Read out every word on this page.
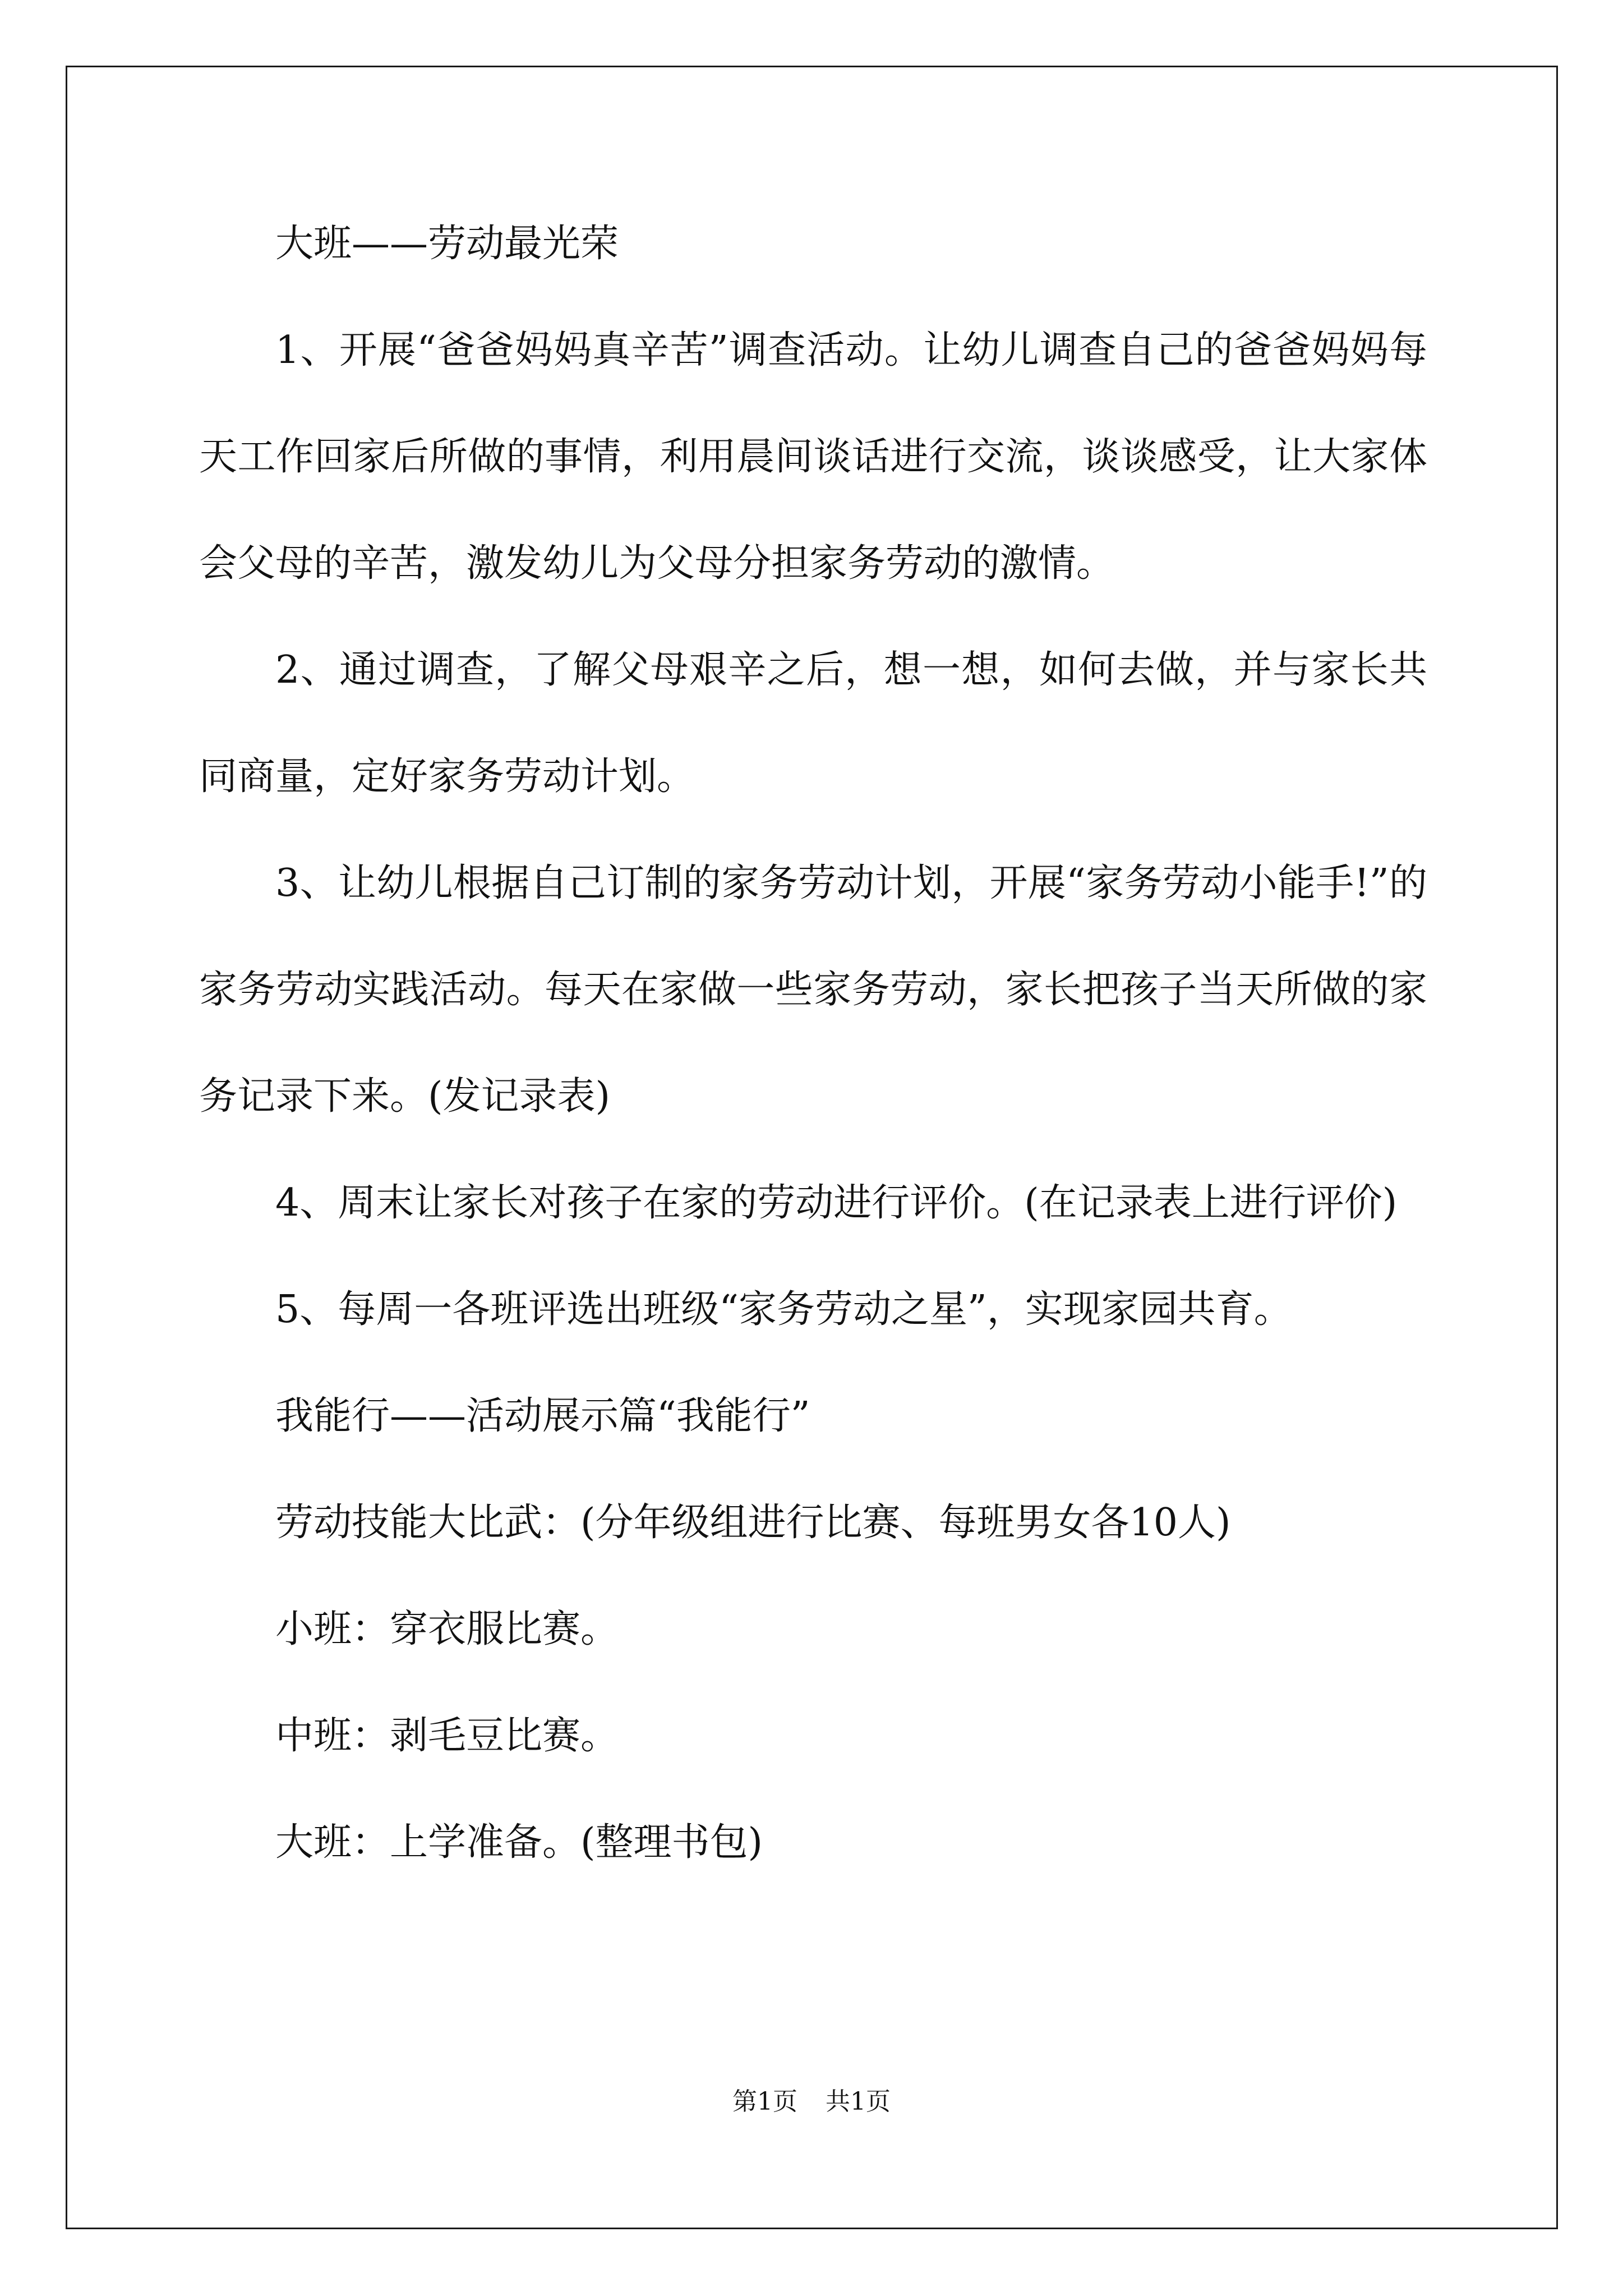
大班——劳动最光荣

1、开展“爸爸妈妈真辛苦”调查活动。让幼儿调查自己的爸爸妈妈每天工作回家后所做的事情，利用晨间谈话进行交流，谈谈感受，让大家体会父母的辛苦，激发幼儿为父母分担家务劳动的激情。

2、通过调查，了解父母艰辛之后，想一想，如何去做，并与家长共同商量，定好家务劳动计划。

3、让幼儿根据自己订制的家务劳动计划，开展“家务劳动小能手!”的家务劳动实践活动。每天在家做一些家务劳动，家长把孩子当天所做的家务记录下来。(发记录表)

4、周末让家长对孩子在家的劳动进行评价。(在记录表上进行评价)

5、每周一各班评选出班级“家务劳动之星”，实现家园共育。

我能行——活动展示篇“我能行”

劳动技能大比武：(分年级组进行比赛、每班男女各10人)

小班：穿衣服比赛。

中班：剥毛豆比赛。

大班：上学准备。(整理书包)

第1页 共1页
